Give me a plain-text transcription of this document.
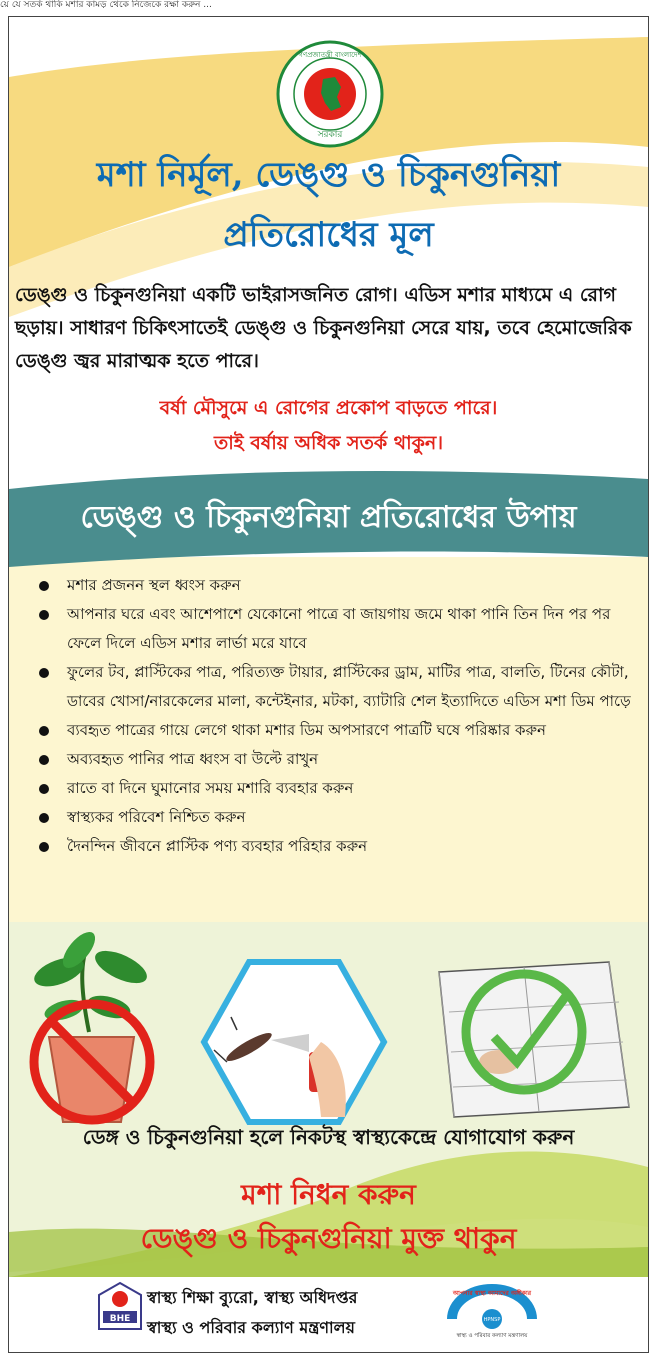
য়ে যে সতর্ক থাকি মশার কামড় থেকে নিজেকে রক্ষা করুন ...
সরকার
গণপ্রজাতন্ত্রী বাংলাদেশ
মশা নির্মূল, ডেঙ্গু ও চিকুনগুনিয়া
প্রতিরোধের মূল
ডেঙ্গু ও চিকুনগুনিয়া একটি ভাইরাসজনিত রোগ। এডিস মশার মাধ্যমে এ রোগ ছড়ায়। সাধারণ চিকিৎসাতেই ডেঙ্গু ও চিকুনগুনিয়া সেরে যায়, তবে হেমোজেরিক ডেঙ্গু জ্বর মারাত্মক হতে পারে।
বর্ষা মৌসুমে এ রোগের প্রকোপ বাড়তে পারে।
তাই বর্ষায় অধিক সতর্ক থাকুন।
ডেঙ্গু ও চিকুনগুনিয়া প্রতিরোধের উপায়
মশার প্রজনন স্থল ধ্বংস করুন
আপনার ঘরে এবং আশেপাশে যেকোনো পাত্রে বা জায়গায় জমে থাকা পানি তিন দিন পর পর ফেলে দিলে এডিস মশার লার্ভা মরে যাবে
ফুলের টব, প্লাস্টিকের পাত্র, পরিত্যক্ত টায়ার, প্লাস্টিকের ড্রাম, মাটির পাত্র, বালতি, টিনের কৌটা, ডাবের খোসা/নারকেলের মালা, কন্টেইনার, মটকা, ব্যাটারি শেল ইত্যাদিতে এডিস মশা ডিম পাড়ে
ব্যবহৃত পাত্রের গায়ে লেগে থাকা মশার ডিম অপসারণে পাত্রটি ঘষে পরিষ্কার করুন
অব্যবহৃত পানির পাত্র ধ্বংস বা উল্টে রাখুন
রাতে বা দিনে ঘুমানোর সময় মশারি ব্যবহার করুন
স্বাস্থ্যকর পরিবেশ নিশ্চিত করুন
দৈনন্দিন জীবনে প্লাস্টিক পণ্য ব্যবহার পরিহার করুন
ডেঙ্গ ও চিকুনগুনিয়া হলে নিকটস্থ স্বাস্থ্যকেন্দ্রে যোগাযোগ করুন
মশা নিধন করুন
ডেঙ্গু ও চিকুনগুনিয়া মুক্ত থাকুন
BHE
স্বাস্থ্য শিক্ষা ব্যুরো, স্বাস্থ্য অধিদপ্তর
স্বাস্থ্য ও পরিবার কল্যাণ মন্ত্রণালয়
আপনার স্বাস্থ্য আমাদের অঙ্গীকার
HPNSP
স্বাস্থ্য ও পরিবার কল্যাণ মন্ত্রণালয়
